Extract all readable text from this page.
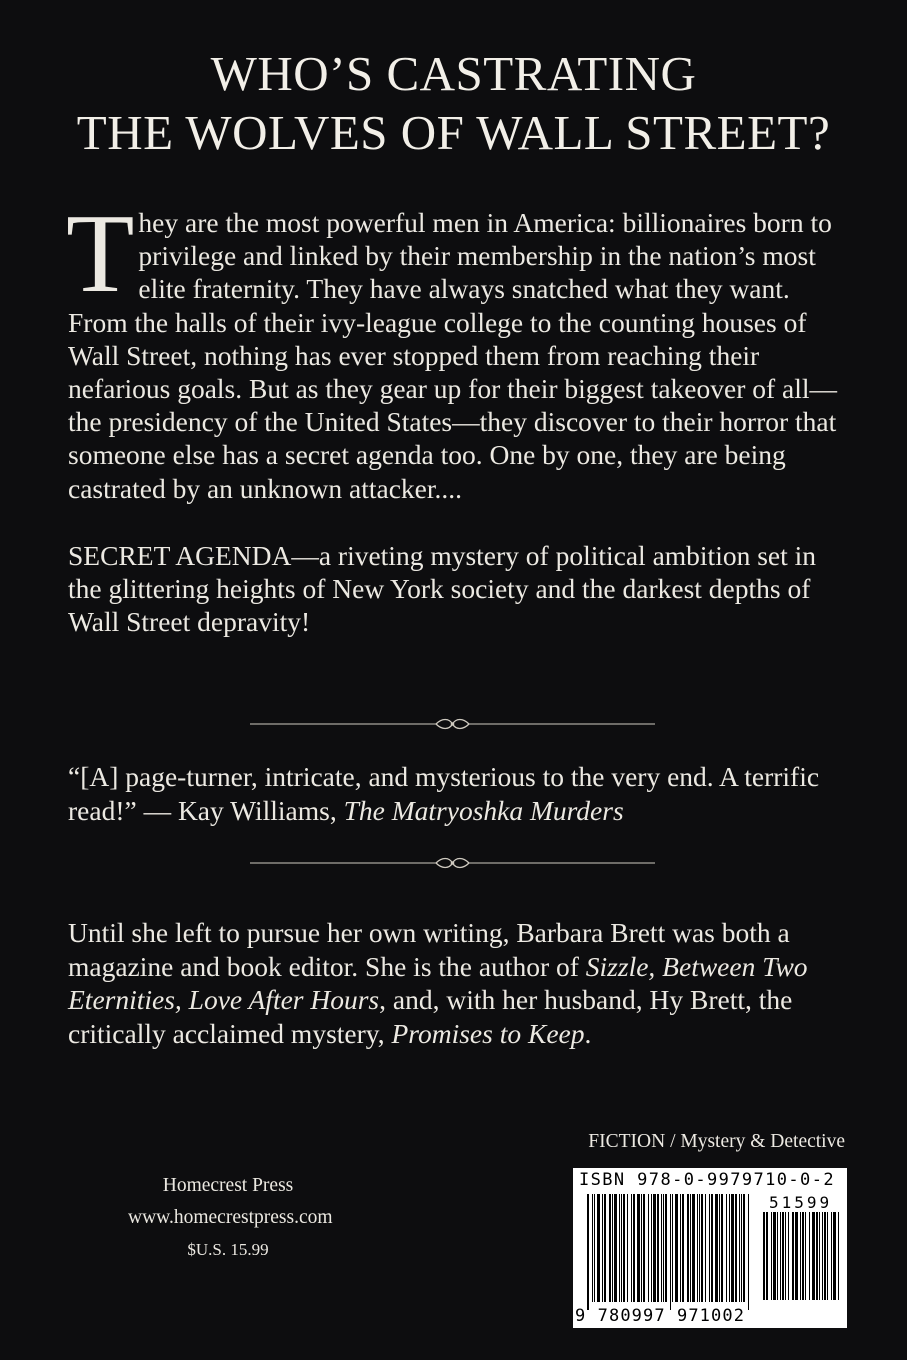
WHO’S CASTRATING
THE WOLVES OF WALL STREET?

They are the most powerful men in America: billionaires born to privilege and linked by their membership in the nation’s most elite fraternity. They have always snatched what they want. From the halls of their ivy-league college to the counting houses of Wall Street, nothing has ever stopped them from reaching their nefarious goals. But as they gear up for their biggest takeover of all—the presidency of the United States—they discover to their horror that someone else has a secret agenda too. One by one, they are being castrated by an unknown attacker....

SECRET AGENDA—a riveting mystery of political ambition set in the glittering heights of New York society and the darkest depths of Wall Street depravity!

“[A] page-turner, intricate, and mysterious to the very end. A terrific read!” — Kay Williams, The Matryoshka Murders
Until she left to pursue her own writing, Barbara Brett was both a magazine and book editor. She is the author of Sizzle, Between Two Eternities, Love After Hours, and, with her husband, Hy Brett, the critically acclaimed mystery, Promises to Keep.
FICTION / Mystery & Detective
Homecrest Press
www.homecrestpress.com
$U.S. 15.99
ISBN 978-0-9979710-0-2
51599
9 780997 971002
